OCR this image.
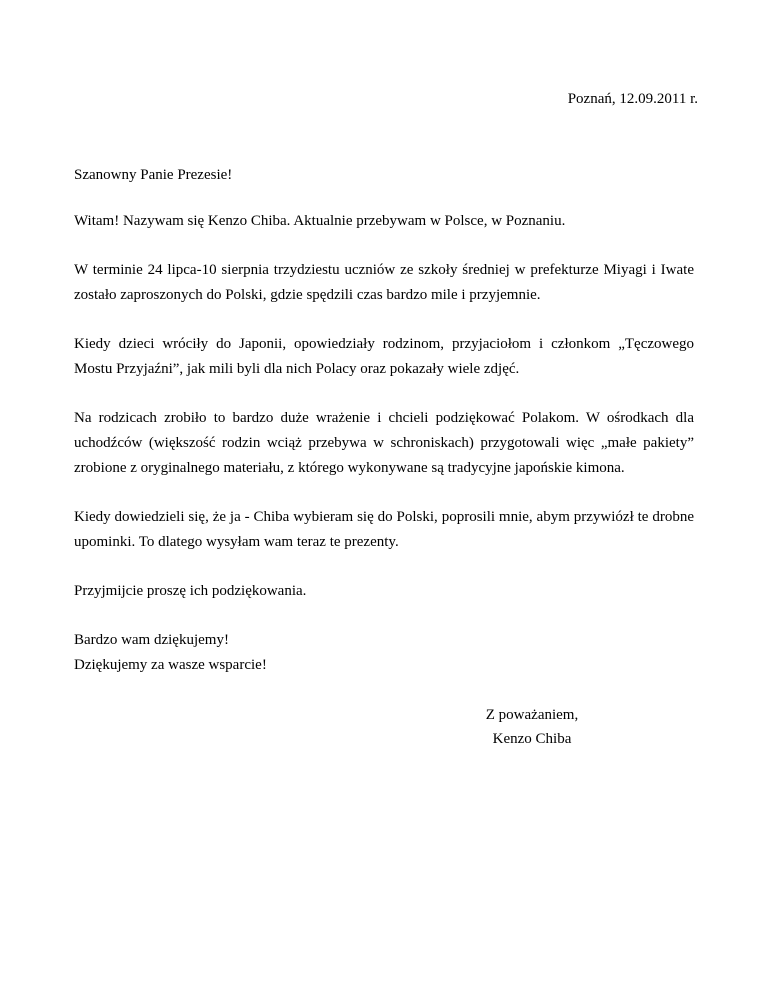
Poznań, 12.09.2011 r.

Szanowny Panie Prezesie!

Witam! Nazywam się Kenzo Chiba. Aktualnie przebywam w Polsce, w Poznaniu.

W terminie 24 lipca-10 sierpnia trzydziestu uczniów ze szkoły średniej w prefekturze Miyagi i Iwate zostało zaproszonych do Polski, gdzie spędzili czas bardzo mile i przyjemnie.

Kiedy dzieci wróciły do Japonii, opowiedziały rodzinom, przyjaciołom i członkom „Tęczowego Mostu Przyjaźni”, jak mili byli dla nich Polacy oraz pokazały wiele zdjęć.

Na rodzicach zrobiło to bardzo duże wrażenie i chcieli podziękować Polakom. W ośrodkach dla uchodźców (większość rodzin wciąż przebywa w schroniskach) przygotowali więc „małe pakiety” zrobione z oryginalnego materiału, z którego wykonywane są tradycyjne japońskie kimona.

Kiedy dowiedzieli się, że ja - Chiba wybieram się do Polski, poprosili mnie, abym przywiózł te drobne upominki. To dlatego wysyłam wam teraz te prezenty.

Przyjmijcie proszę ich podziękowania.

Bardzo wam dziękujemy!
Dziękujemy za wasze wsparcie!
Z poważaniem,
Kenzo Chiba
